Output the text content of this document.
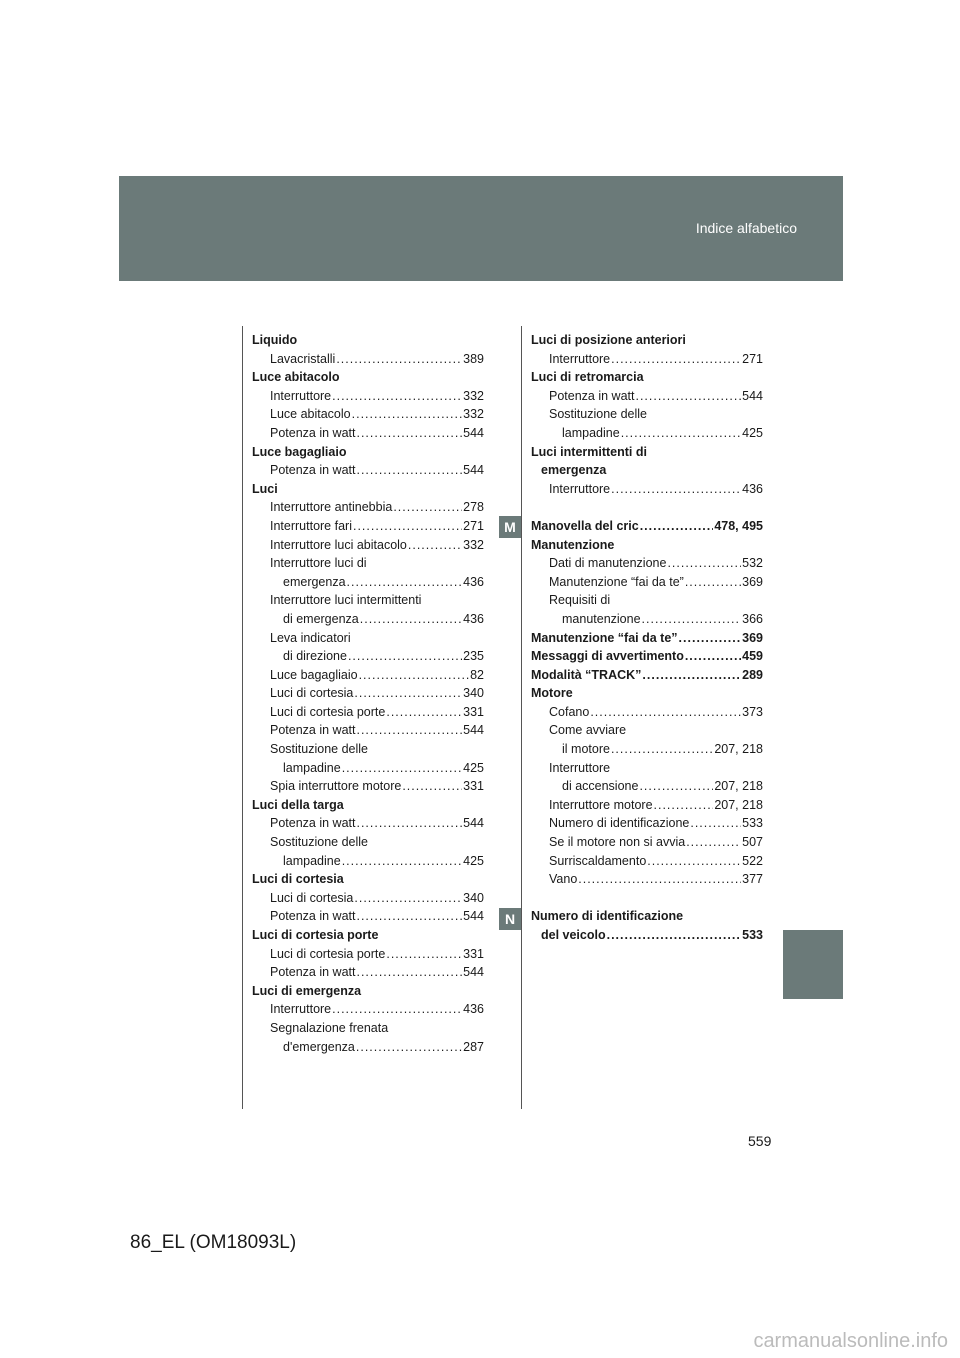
Indice alfabetico
Liquido
Lavacristalli .....	389
Luce abitacolo
Interruttore .....	332
Luce abitacolo .....	332
Potenza in watt .....	544
Luce bagagliaio
Potenza in watt .....	544
Luci
Interruttore antinebbia .....	278
Interruttore fari .....	271
Interruttore luci abitacolo .....	332
Interruttore luci di
emergenza .....	436
Interruttore luci intermittenti
di emergenza .....	436
Leva indicatori
di direzione .....	235
Luce bagagliaio .....	82
Luci di cortesia .....	340
Luci di cortesia porte .....	331
Potenza in watt .....	544
Sostituzione delle
lampadine .....	425
Spia interruttore motore .....	331
Luci della targa
Potenza in watt .....	544
Sostituzione delle
lampadine .....	425
Luci di cortesia
Luci di cortesia .....	340
Potenza in watt .....	544
Luci di cortesia porte
Luci di cortesia porte .....	331
Potenza in watt .....	544
Luci di emergenza
Interruttore .....	436
Segnalazione frenata
d'emergenza .....	287
Luci di posizione anteriori
Interruttore .....	271
Luci di retromarcia
Potenza in watt .....	544
Sostituzione delle
lampadine .....	425
Luci intermittenti di
emergenza
Interruttore .....	436
Manovella del cric .....	478, 495
Manutenzione
Dati di manutenzione .....	532
Manutenzione “fai da te” .....	369
Requisiti di
manutenzione .....	366
Manutenzione “fai da te” .....	369
Messaggi di avvertimento .....	459
Modalità “TRACK” .....	289
Motore
Cofano .....	373
Come avviare
il motore .....	207, 218
Interruttore
di accensione .....	207, 218
Interruttore motore .....	207, 218
Numero di identificazione .....	533
Se il motore non si avvia .....	507
Surriscaldamento .....	522
Vano .....	377
Numero di identificazione
del veicolo .....	533
M
N
559
86_EL (OM18093L)
carmanualsonline.info
